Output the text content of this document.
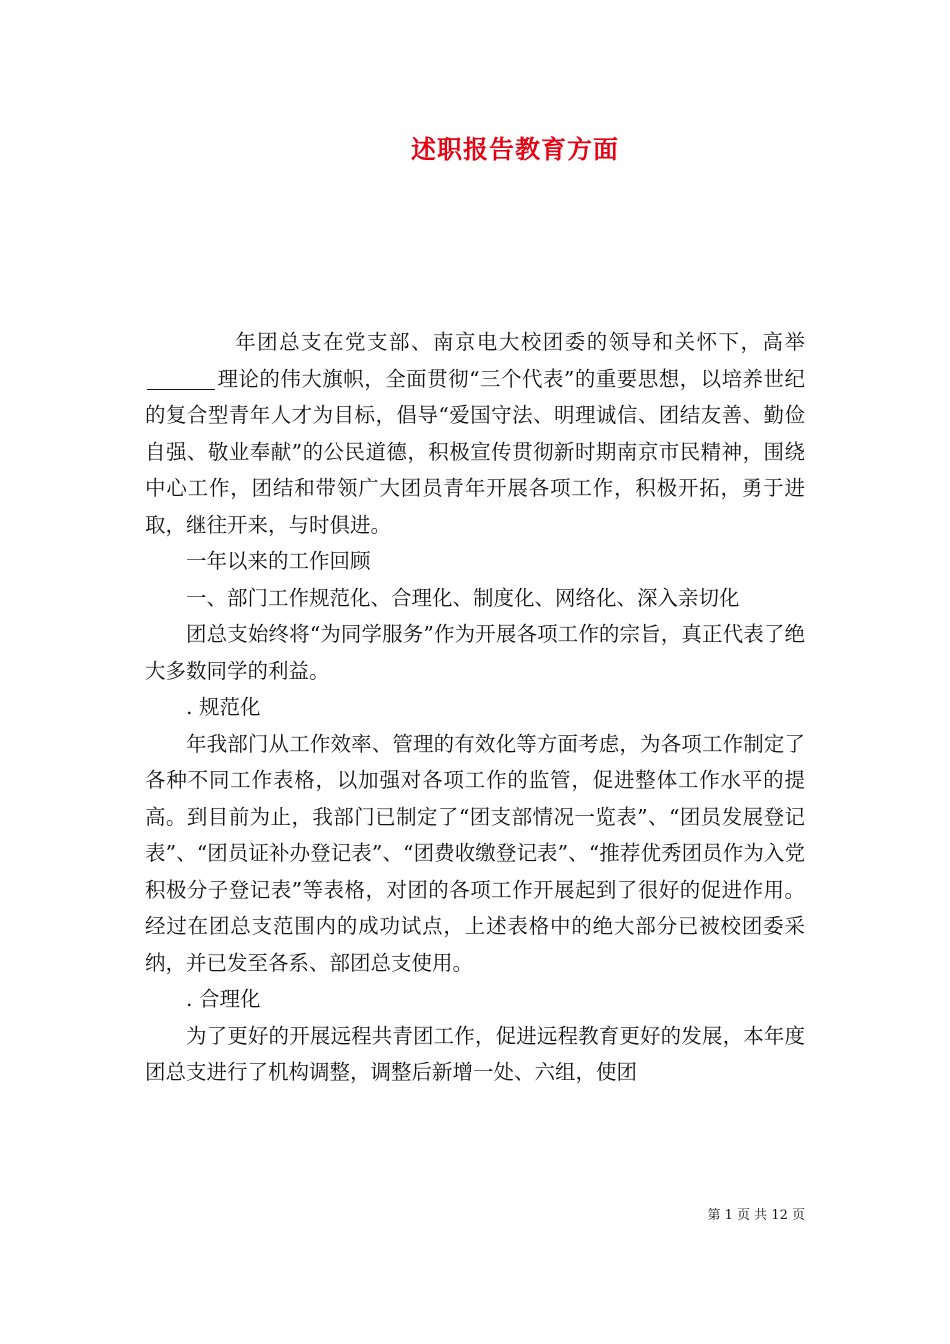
述职报告教育方面

年团总支在党支部、南京电大校团委的领导和关怀下，高举理论的伟大旗帜，全面贯彻“三个代表”的重要思想，以培养世纪的复合型青年人才为目标，倡导“爱国守法、明理诚信、团结友善、勤俭自强、敬业奉献”的公民道德，积极宣传贯彻新时期南京市民精神，围绕中心工作，团结和带领广大团员青年开展各项工作，积极开拓，勇于进取，继往开来，与时俱进。

一年以来的工作回顾

一、部门工作规范化、合理化、制度化、网络化、深入亲切化

团总支始终将“为同学服务”作为开展各项工作的宗旨，真正代表了绝大多数同学的利益。

. 规范化

年我部门从工作效率、管理的有效化等方面考虑，为各项工作制定了各种不同工作表格，以加强对各项工作的监管，促进整体工作水平的提高。到目前为止，我部门已制定了“团支部情况一览表”、“团员发展登记表”、“团员证补办登记表”、“团费收缴登记表”、“推荐优秀团员作为入党积极分子登记表”等表格，对团的各项工作开展起到了很好的促进作用。经过在团总支范围内的成功试点，上述表格中的绝大部分已被校团委采纳，并已发至各系、部团总支使用。

. 合理化

为了更好的开展远程共青团工作，促进远程教育更好的发展，本年度团总支进行了机构调整，调整后新增一处、六组，使团

第 1 页 共 12 页
